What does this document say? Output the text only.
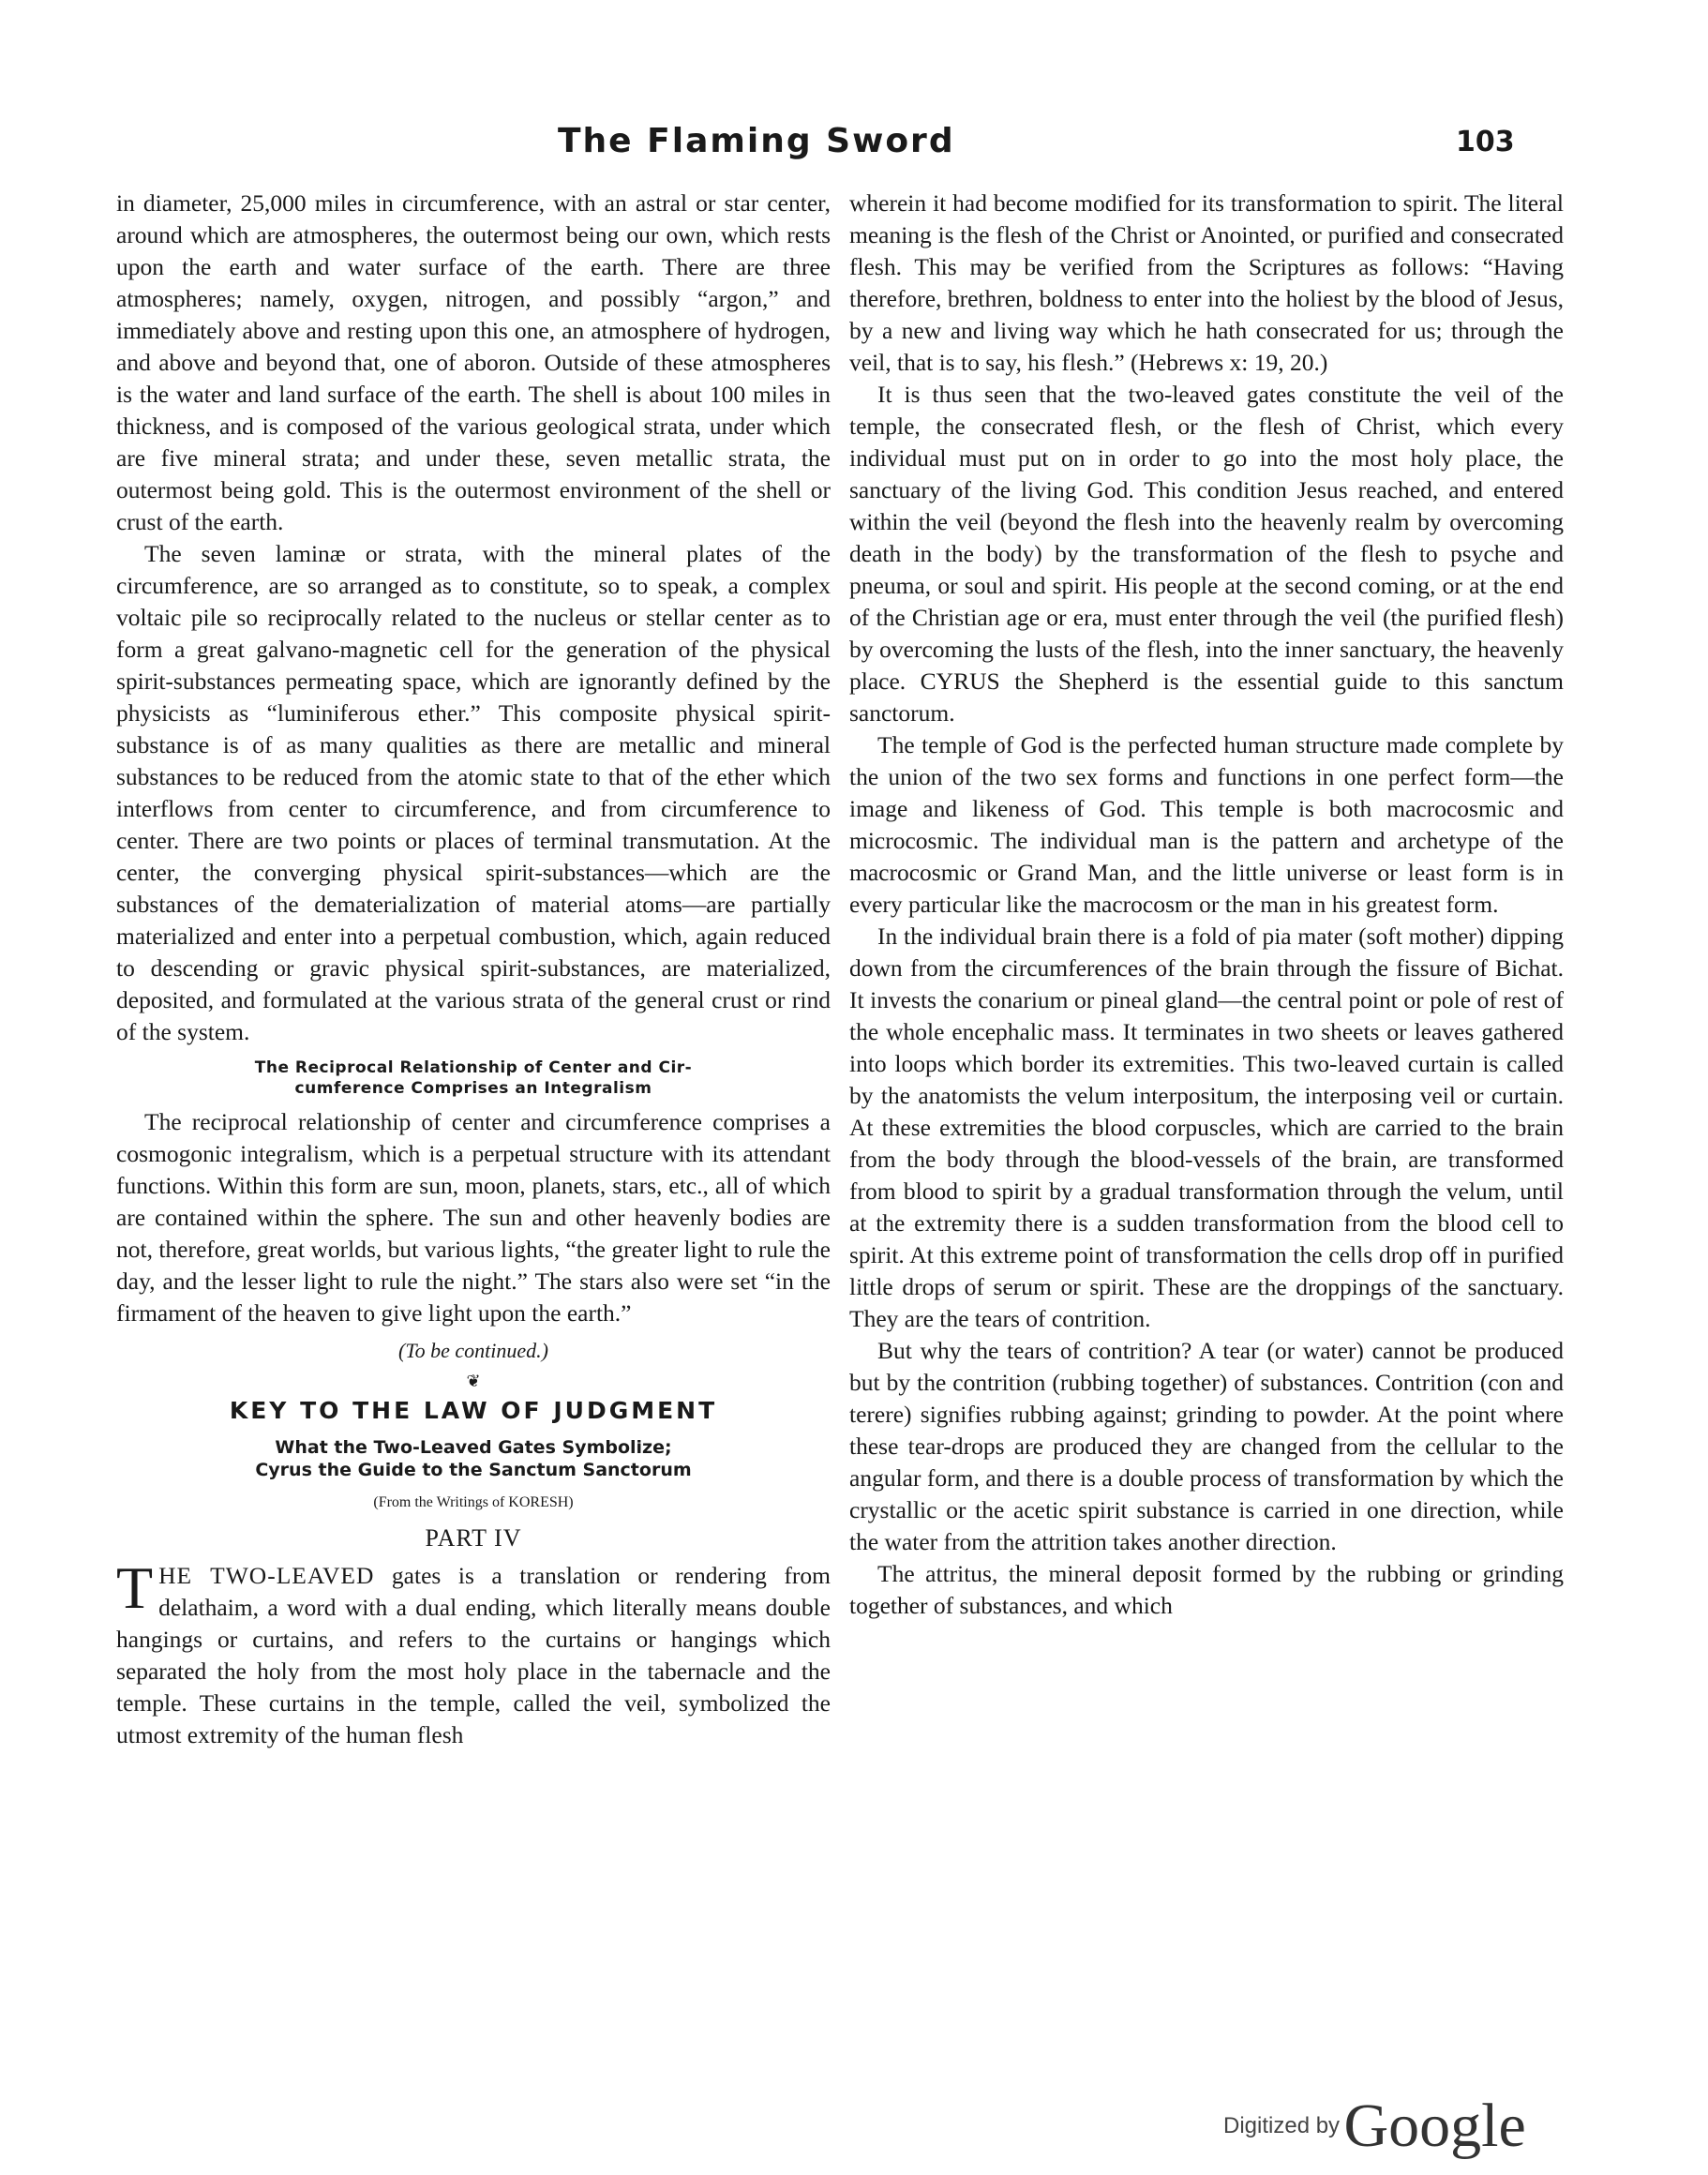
The Flaming Sword	103

in diameter, 25,000 miles in circumference, with an astral or star center, around which are atmospheres, the outermost being our own, which rests upon the earth and water surface of the earth. There are three atmospheres; namely, oxygen, nitrogen, and possibly “argon,” and immediately above and resting upon this one, an atmosphere of hydrogen, and above and beyond that, one of aboron. Outside of these atmospheres is the water and land surface of the earth. The shell is about 100 miles in thickness, and is composed of the various geological strata, under which are five mineral strata; and under these, seven metallic strata, the outermost being gold. This is the outermost environment of the shell or crust of the earth.

The seven laminæ or strata, with the mineral plates of the circumference, are so arranged as to constitute, so to speak, a complex voltaic pile so reciprocally related to the nucleus or stellar center as to form a great galvano-magnetic cell for the generation of the physical spirit-substances permeating space, which are ignorantly defined by the physicists as “luminiferous ether.” This composite physical spirit-substance is of as many qualities as there are metallic and mineral substances to be reduced from the atomic state to that of the ether which interflows from center to circumference, and from circumference to center. There are two points or places of terminal transmutation. At the center, the converging physical spirit-substances—which are the substances of the dematerialization of material atoms—are partially materialized and enter into a perpetual combustion, which, again reduced to descending or gravic physical spirit-substances, are materialized, deposited, and formulated at the various strata of the general crust or rind of the system.

The Reciprocal Relationship of Center and Cir-
cumference Comprises an Integralism

The reciprocal relationship of center and circumference comprises a cosmogonic integralism, which is a perpetual structure with its attendant functions. Within this form are sun, moon, planets, stars, etc., all of which are contained within the sphere. The sun and other heavenly bodies are not, therefore, great worlds, but various lights, “the greater light to rule the day, and the lesser light to rule the night.” The stars also were set “in the firmament of the heaven to give light upon the earth.”

(To be continued.)
❦
KEY TO THE LAW OF JUDGMENT
What the Two-Leaved Gates Symbolize;
Cyrus the Guide to the Sanctum Sanctorum
(From the Writings of KORESH)
PART IV

THE TWO-LEAVED gates is a translation or rendering from delathaim, a word with a dual ending, which literally means double hangings or curtains, and refers to the curtains or hangings which separated the holy from the most holy place in the tabernacle and the temple. These curtains in the temple, called the veil, symbolized the utmost extremity of the human flesh

wherein it had become modified for its transformation to spirit. The literal meaning is the flesh of the Christ or Anointed, or purified and consecrated flesh. This may be verified from the Scriptures as follows: “Having therefore, brethren, boldness to enter into the holiest by the blood of Jesus, by a new and living way which he hath consecrated for us; through the veil, that is to say, his flesh.” (Hebrews x: 19, 20.)

It is thus seen that the two-leaved gates constitute the veil of the temple, the consecrated flesh, or the flesh of Christ, which every individual must put on in order to go into the most holy place, the sanctuary of the living God. This condition Jesus reached, and entered within the veil (beyond the flesh into the heavenly realm by overcoming death in the body) by the transformation of the flesh to psyche and pneuma, or soul and spirit. His people at the second coming, or at the end of the Christian age or era, must enter through the veil (the purified flesh) by overcoming the lusts of the flesh, into the inner sanctuary, the heavenly place. CYRUS the Shepherd is the essential guide to this sanctum sanctorum.

The temple of God is the perfected human structure made complete by the union of the two sex forms and functions in one perfect form—the image and likeness of God. This temple is both macrocosmic and microcosmic. The individual man is the pattern and archetype of the macrocosmic or Grand Man, and the little universe or least form is in every particular like the macrocosm or the man in his greatest form.

In the individual brain there is a fold of pia mater (soft mother) dipping down from the circumferences of the brain through the fissure of Bichat. It invests the conarium or pineal gland—the central point or pole of rest of the whole encephalic mass. It terminates in two sheets or leaves gathered into loops which border its extremities. This two-leaved curtain is called by the anatomists the velum interpositum, the interposing veil or curtain. At these extremities the blood corpuscles, which are carried to the brain from the body through the blood-vessels of the brain, are transformed from blood to spirit by a gradual transformation through the velum, until at the extremity there is a sudden transformation from the blood cell to spirit. At this extreme point of transformation the cells drop off in purified little drops of serum or spirit. These are the droppings of the sanctuary. They are the tears of contrition.

But why the tears of contrition? A tear (or water) cannot be produced but by the contrition (rubbing together) of substances. Contrition (con and terere) signifies rubbing against; grinding to powder. At the point where these tear-drops are produced they are changed from the cellular to the angular form, and there is a double process of transformation by which the crystallic or the acetic spirit substance is carried in one direction, while the water from the attrition takes another direction.

The attritus, the mineral deposit formed by the rubbing or grinding together of substances, and which

Digitized by Google
